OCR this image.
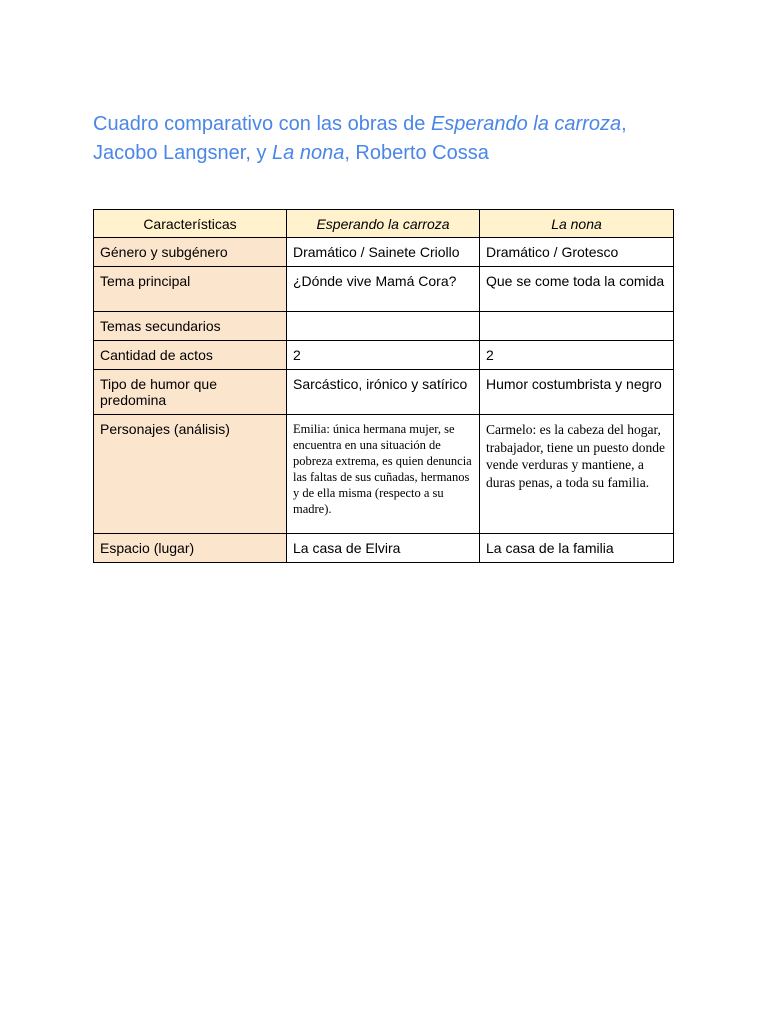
Cuadro comparativo con las obras de Esperando la carroza, Jacobo Langsner, y La nona, Roberto Cossa
Características	Esperando la carroza	La nona
Género y subgénero	Dramático / Sainete Criollo	Dramático / Grotesco
Tema principal	¿Dónde vive Mamá Cora?	Que se come toda la comida
Temas secundarios		
Cantidad de actos	2	2
Tipo de humor que predomina	Sarcástico, irónico y satírico	Humor costumbrista y negro
Personajes (análisis)	Emilia: única hermana mujer, se encuentra en una situación de pobreza extrema, es quien denuncia las faltas de sus cuñadas, hermanos y de ella misma (respecto a su madre).	Carmelo: es la cabeza del hogar, trabajador, tiene un puesto donde vende verduras y mantiene, a duras penas, a toda su familia.
Espacio (lugar)	La casa de Elvira	La casa de la familia
